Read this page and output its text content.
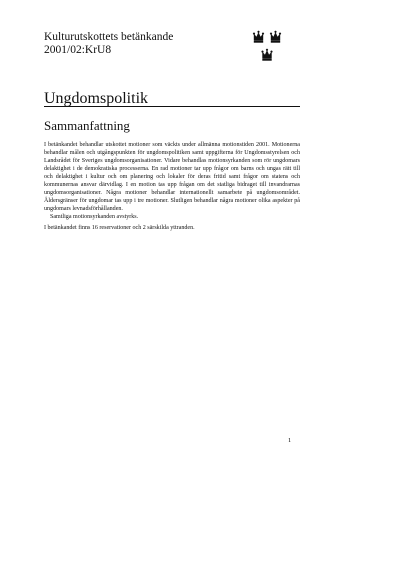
Kulturutskottets betänkande
2001/02:KrU8
Ungdomspolitik
Sammanfattning

I betänkandet behandlar utskottet motioner som väckts under allmänna motionstiden 2001. Motionerna behandlar målen och utgångspunkten för ungdomspolitiken samt uppgifterna för Ungdomsstyrelsen och Landsrådet för Sveriges ungdomsorganisationer. Vidare behandlas motionsyrkanden som rör ungdomars delaktighet i de demokratiska processerna. En rad motioner tar upp frågor om barns och ungas rätt till och delaktighet i kultur och om planering och lokaler för deras fritid samt frågor om statens och kommunernas ansvar därvidlag. I en motion tas upp frågan om det statliga bidraget till invandrarnas ungdomsorganisationer. Några motioner behandlar internationellt samarbete på ungdomsområdet. Åldersgränser för ungdomar tas upp i tre motioner. Slutligen behandlar några motioner olika aspekter på ungdomars levnadsförhållanden.

Samtliga motionsyrkanden avstyrks.

I betänkandet finns 16 reservationer och 2 särskilda yttranden.

1
